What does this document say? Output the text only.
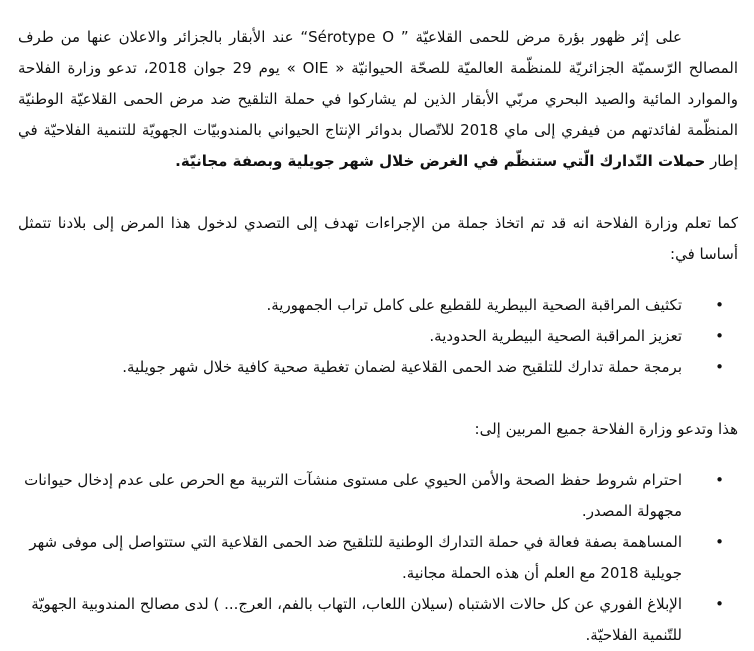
على إثر ظهور بؤرة مرض للحمى القلاعيّة ” Sérotype O“ عند الأبقار بالجزائر والاعلان عنها من طرف المصالح الرّسميّة الجزائريّة للمنظّمة العالميّة للصحّة الحيوانيّة « OIE » يوم 29 جوان 2018، تدعو وزارة الفلاحة والموارد المائية والصيد البحري مربّي الأبقار الذين لم يشاركوا في حملة التلقيح ضد مرض الحمى القلاعيّة الوطنيّة المنظّمة لفائدتهم من فيفري إلى ماي 2018 للاتّصال بدوائر الإنتاج الحيواني بالمندوبيّات الجهويّة للتنمية الفلاحيّة في إطار حملات التّدارك الّتي ستنظّم في الغرض خلال شهر جويلية وبصفة مجانيّة.

كما تعلم وزارة الفلاحة انه قد تم اتخاذ جملة من الإجراءات تهدف إلى التصدي لدخول هذا المرض إلى بلادنا تتمثل أساسا في:

•
تكثيف المراقبة الصحية البيطرية للقطيع على كامل تراب الجمهورية.
•
تعزيز المراقبة الصحية البيطرية الحدودية.
•
برمجة حملة تدارك للتلقيح ضد الحمى القلاعية لضمان تغطية صحية كافية خلال شهر جويلية.

هذا وتدعو وزارة الفلاحة جميع المربين إلى:

•
احترام شروط حفظ الصحة والأمن الحيوي على مستوى منشآت التربية مع الحرص على عدم إدخال حيوانات مجهولة المصدر.
•
المساهمة بصفة فعالة في حملة التدارك الوطنية للتلقيح ضد الحمى القلاعية التي ستتواصل إلى موفى شهر جويلية 2018 مع العلم أن هذه الحملة مجانية.
•
الإبلاغ الفوري عن كل حالات الاشتباه (سيلان اللعاب، التهاب بالفم، العرج... ) لدى مصالح المندوبية الجهويّة للتّنمية الفلاحيّة.
